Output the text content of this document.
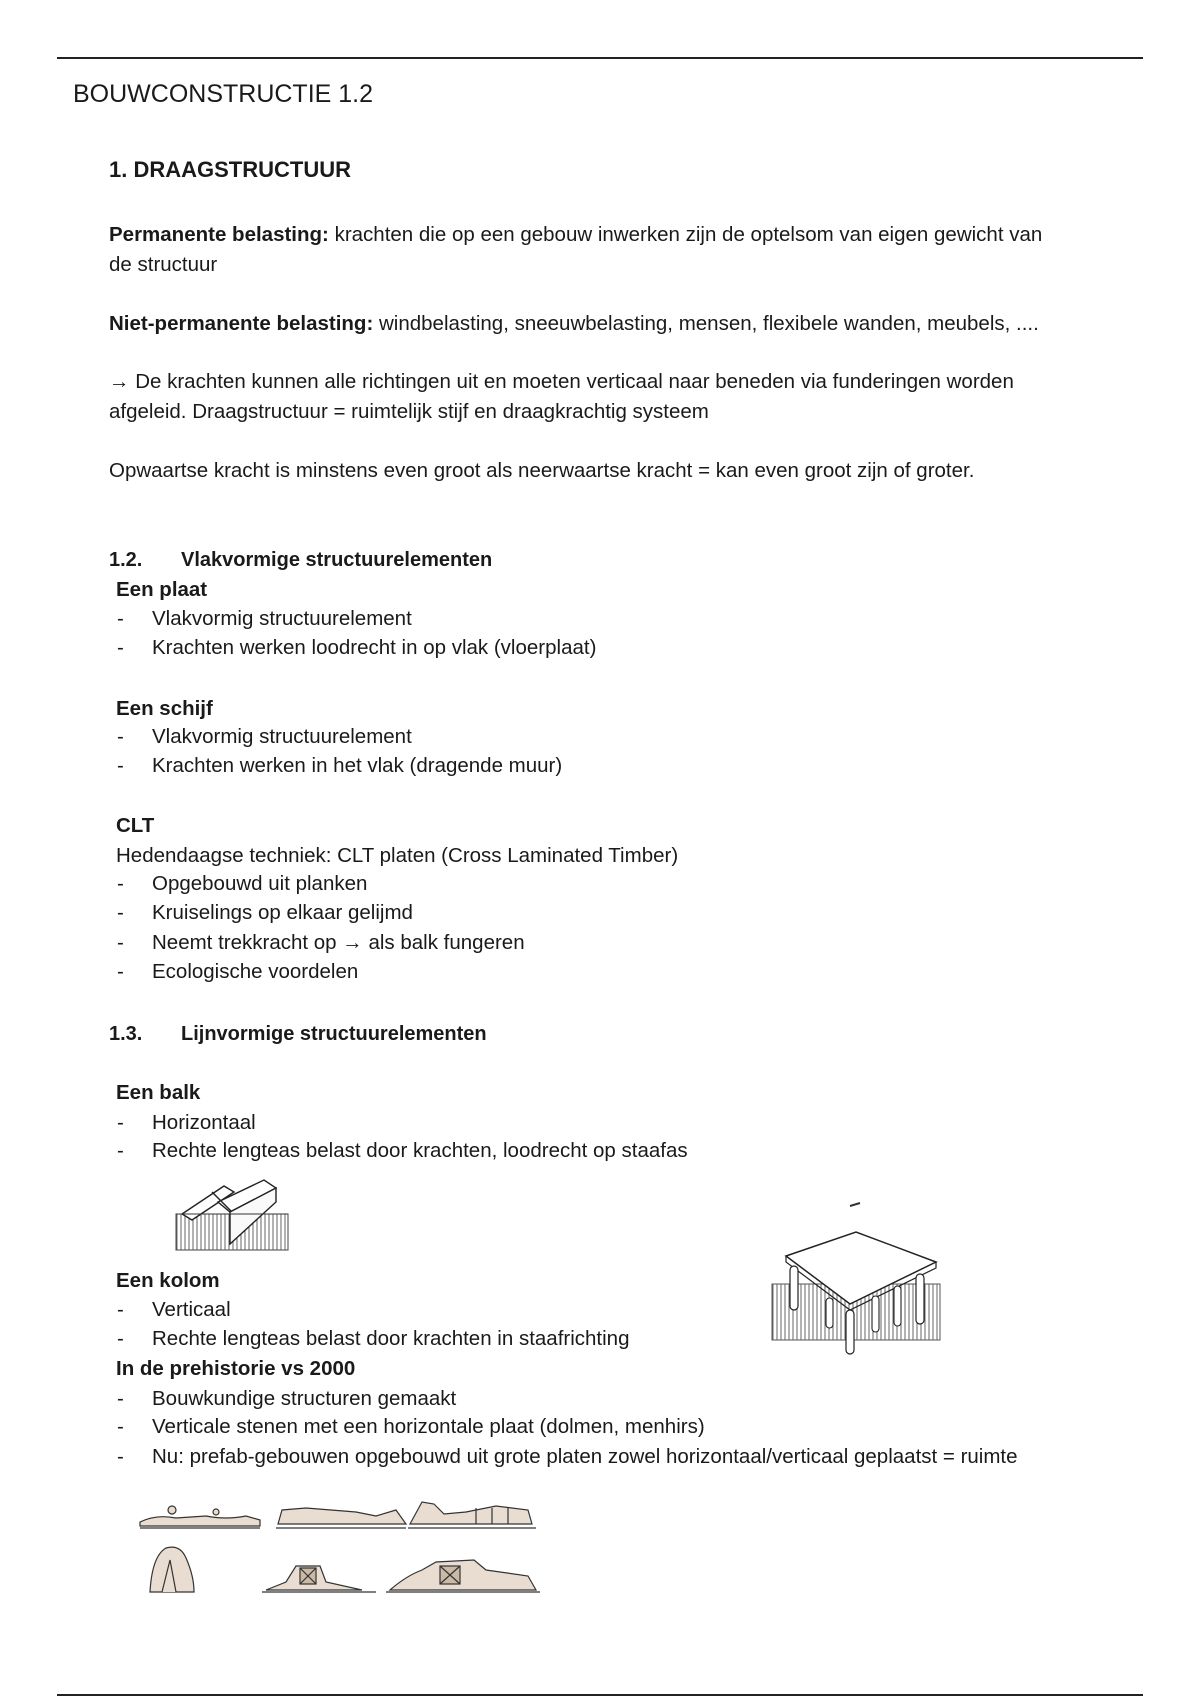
BOUWCONSTRUCTIE 1.2
1. DRAAGSTRUCTUUR
Permanente belasting: krachten die op een gebouw inwerken zijn de optelsom van eigen gewicht van
de structuur
Niet-permanente belasting: windbelasting, sneeuwbelasting, mensen, flexibele wanden, meubels, ....
→ De krachten kunnen alle richtingen uit en moeten verticaal naar beneden via funderingen worden
afgeleid. Draagstructuur = ruimtelijk stijf en draagkrachtig systeem
Opwaartse kracht is minstens even groot als neerwaartse kracht = kan even groot zijn of groter.
1.2. Vlakvormige structuurelementen
Een plaat
- Vlakvormig structuurelement
- Krachten werken loodrecht in op vlak (vloerplaat)
Een schijf
- Vlakvormig structuurelement
- Krachten werken in het vlak (dragende muur)
CLT
Hedendaagse techniek: CLT platen (Cross Laminated Timber)
- Opgebouwd uit planken
- Kruiselings op elkaar gelijmd
- Neemt trekkracht op → als balk fungeren
- Ecologische voordelen
1.3. Lijnvormige structuurelementen
Een balk
- Horizontaal
- Rechte lengteas belast door krachten, loodrecht op staafas
Een kolom
- Verticaal
- Rechte lengteas belast door krachten in staafrichting
In de prehistorie vs 2000
- Bouwkundige structuren gemaakt
- Verticale stenen met een horizontale plaat (dolmen, menhirs)
- Nu: prefab-gebouwen opgebouwd uit grote platen zowel horizontaal/verticaal geplaatst = ruimte
